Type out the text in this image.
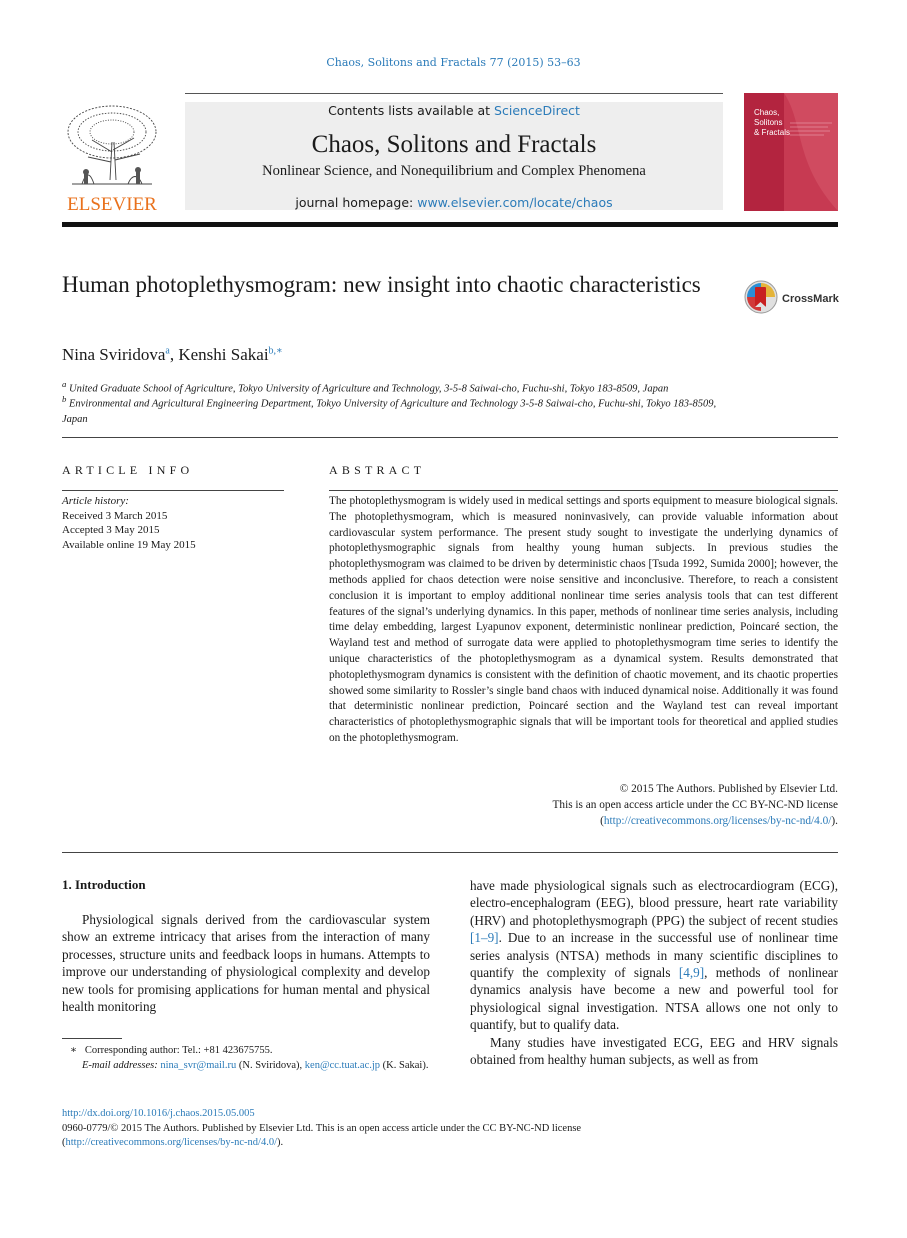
Chaos, Solitons and Fractals 77 (2015) 53–63
Contents lists available at ScienceDirect
Chaos, Solitons and Fractals
Nonlinear Science, and Nonequilibrium and Complex Phenomena
journal homepage: www.elsevier.com/locate/chaos
ELSEVIER
Chaos,
Solitons
& Fractals
Human photoplethysmogram: new insight into chaotic characteristics
CrossMark
Nina Sviridova$^a$, Kenshi Sakai$^{b,∗}$
$^a$ United Graduate School of Agriculture, Tokyo University of Agriculture and Technology, 3-5-8 Saiwai-cho, Fuchu-shi, Tokyo 183-8509, Japan
$^b$ Environmental and Agricultural Engineering Department, Tokyo University of Agriculture and Technology 3-5-8 Saiwai-cho, Fuchu-shi, Tokyo 183-8509, Japan
ARTICLE INFO	ABSTRACT
Article history:
Received 3 March 2015
Accepted 3 May 2015
Available online 19 May 2015
The photoplethysmogram is widely used in medical settings and sports equipment to measure biological signals. The photoplethysmogram, which is measured noninvasively, can provide valuable information about cardiovascular system performance. The present study sought to investigate the underlying dynamics of photoplethysmographic signals from healthy young human subjects. In previous studies the photoplethysmogram was claimed to be driven by deterministic chaos [Tsuda 1992, Sumida 2000]; however, the methods applied for chaos detection were noise sensitive and inconclusive. Therefore, to reach a consistent conclusion it is important to employ additional nonlinear time series analysis tools that can test different features of the signal’s underlying dynamics. In this paper, methods of nonlinear time series analysis, including time delay embedding, largest Lyapunov exponent, deterministic nonlinear prediction, Poincaré section, the Wayland test and method of surrogate data were applied to photoplethysmogram time series to identify the unique characteristics of the photoplethysmogram as a dynamical system. Results demonstrated that photoplethysmogram dynamics is consistent with the definition of chaotic movement, and its chaotic properties showed some similarity to Rossler’s single band chaos with induced dynamical noise. Additionally it was found that deterministic nonlinear prediction, Poincaré section and the Wayland test can reveal important characteristics of photoplethysmographic signals that will be important tools for theoretical and applied studies on the photoplethysmogram.
© 2015 The Authors. Published by Elsevier Ltd.
This is an open access article under the CC BY-NC-ND license
(http://creativecommons.org/licenses/by-nc-nd/4.0/).
1. Introduction
Physiological signals derived from the cardiovascular system show an extreme intricacy that arises from the interaction of many processes, structure units and feedback loops in humans. Attempts to improve our understanding of physiological complexity and develop new tools for promising applications for human mental and physical health monitoring

have made physiological signals such as electrocardiogram (ECG), electro-encephalogram (EEG), blood pressure, heart rate variability (HRV) and photoplethysmograph (PPG) the subject of recent studies [1–9]. Due to an increase in the successful use of nonlinear time series analysis (NTSA) methods in many scientific disciplines to quantify the complexity of signals [4,9], methods of nonlinear dynamics analysis have become a new and powerful tool for physiological signal investigation. NTSA allows one not only to quantify, but to qualify data.

Many studies have investigated ECG, EEG and HRV signals obtained from healthy human subjects, as well as from

∗ Corresponding author: Tel.: +81 423675755.
E-mail addresses: nina_svr@mail.ru (N. Sviridova), ken@cc.tuat.ac.jp (K. Sakai).
http://dx.doi.org/10.1016/j.chaos.2015.05.005
0960-0779/© 2015 The Authors. Published by Elsevier Ltd. This is an open access article under the CC BY-NC-ND license
(http://creativecommons.org/licenses/by-nc-nd/4.0/).
